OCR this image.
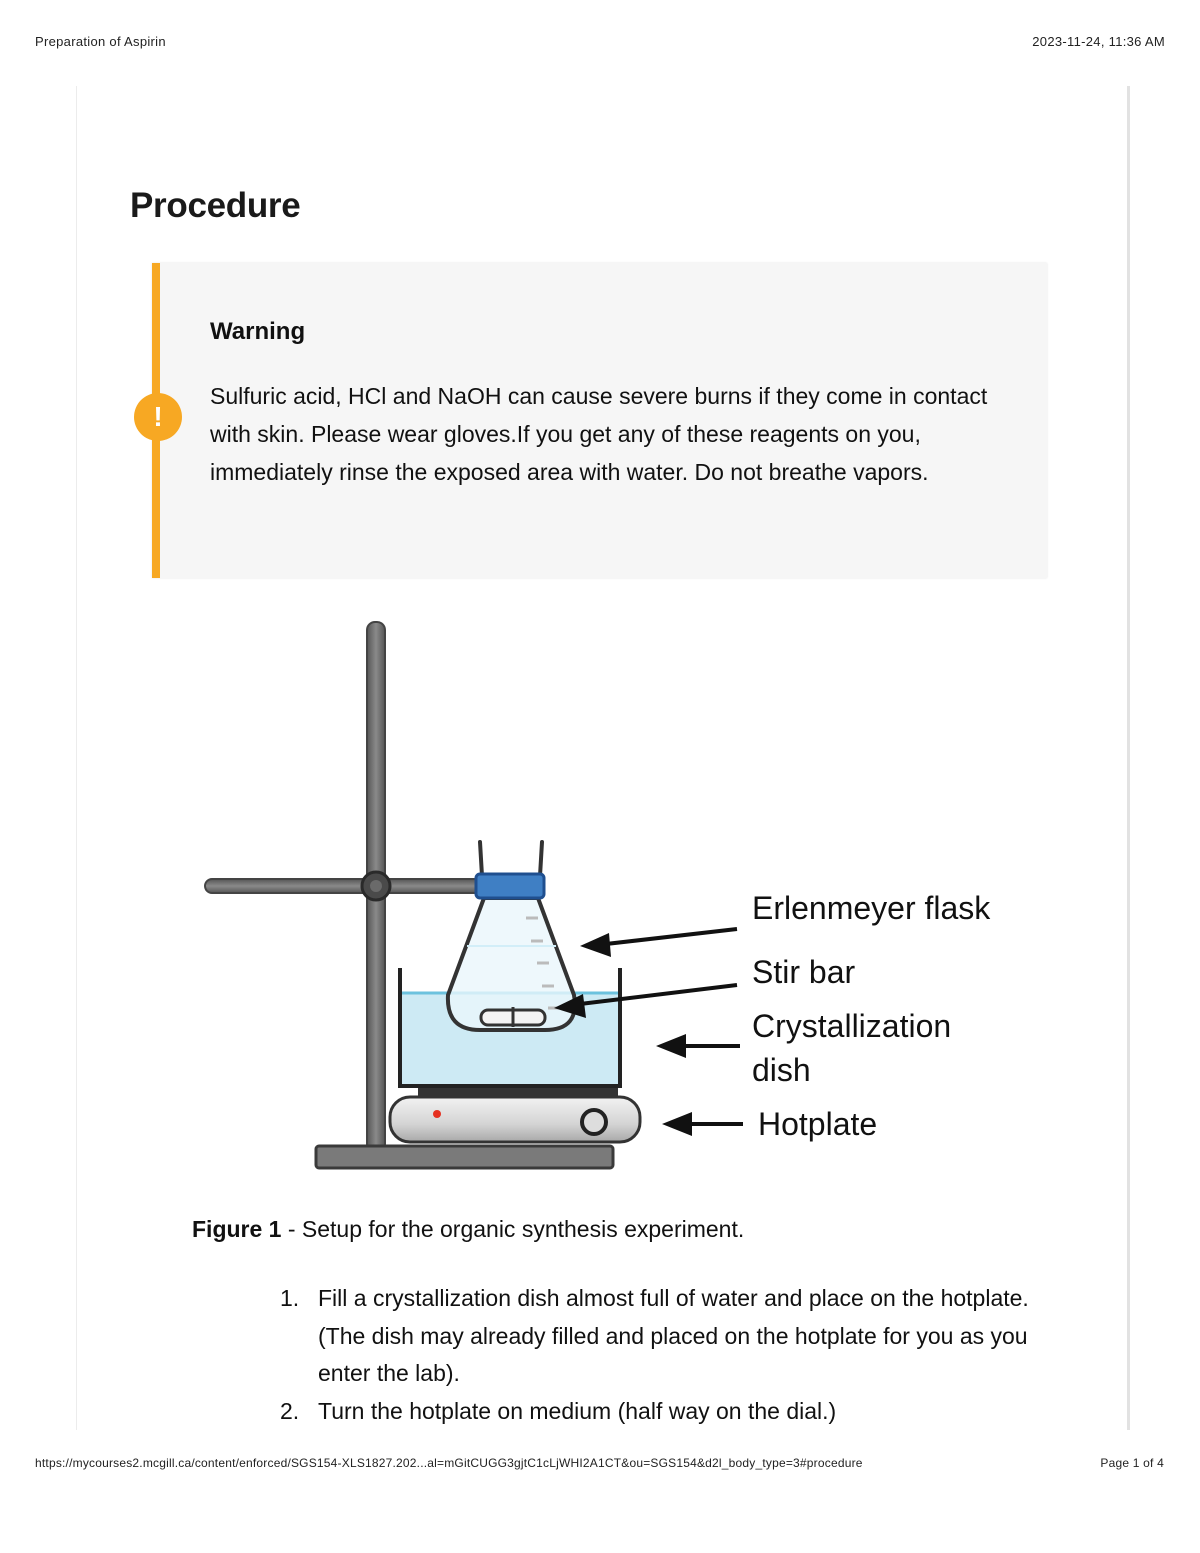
Preparation of Aspirin	2023-11-24, 11:36 AM
Procedure
!
Warning
Sulfuric acid, HCl and NaOH can cause severe burns if they come in contact with skin. Please wear gloves.If you get any of these reagents on you, immediately rinse the exposed area with water. Do not breathe vapors.
Erlenmeyer flask
Stir bar
Crystallization
dish
Hotplate
Figure 1 - Setup for the organic synthesis experiment.
1. Fill a crystallization dish almost full of water and place on the hotplate. (The dish may already filled and placed on the hotplate for you as you enter the lab).
2. Turn the hotplate on medium (half way on the dial.)
https://mycourses2.mcgill.ca/content/enforced/SGS154-XLS1827.202...al=mGitCUGG3gjtC1cLjWHI2A1CT&ou=SGS154&d2l_body_type=3#procedure	Page 1 of 4
